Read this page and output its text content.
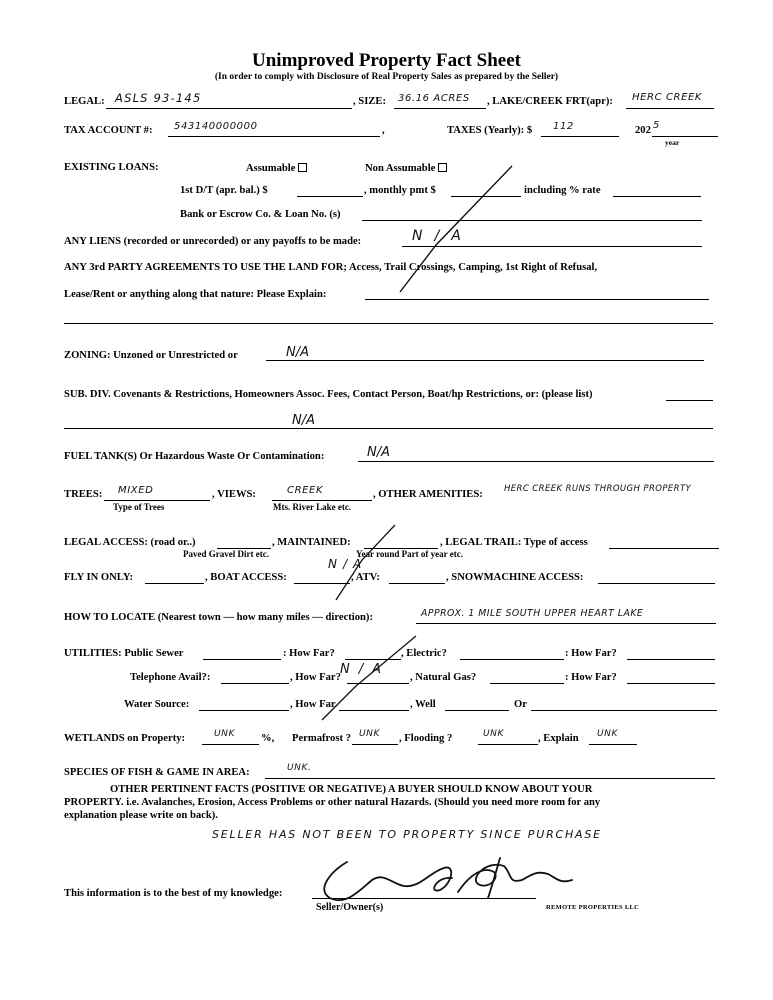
Unimproved Property Fact Sheet
(In order to comply with Disclosure of Real Property Sales as prepared by the Seller)
LEGAL: ASLS 93-145	, SIZE: 36.16 ACRES , LAKE/CREEK FRT(apr): HERC CREEK
TAX ACCOUNT #: 543140000000	,	TAXES (Yearly): $ 112	202 5
year
EXISTING LOANS:	Assumable	Non Assumable
1st D/T (apr. bal.) $	, monthly pmt $	including % rate
Bank or Escrow Co. & Loan No. (s)
ANY LIENS (recorded or unrecorded) or any payoffs to be made:	N/A
ANY 3rd PARTY AGREEMENTS TO USE THE LAND FOR; Access, Trail Crossings, Camping, 1st Right of Refusal,
Lease/Rent or anything along that nature: Please Explain:
ZONING: Unzoned or Unrestricted or	N/A
SUB. DIV. Covenants & Restrictions, Homeowners Assoc. Fees, Contact Person, Boat/hp Restrictions, or: (please list)
N/A
FUEL TANK(S) Or Hazardous Waste Or Contamination:	N/A
TREES: MIXED
Type of Trees
, VIEWS:	CREEK
Mts. River Lake etc.
, OTHER AMENITIES: HERC CREEK RUNS THROUGH PROPERTY
LEGAL ACCESS: (road or..)	, MAINTAINED:	, LEGAL TRAIL: Type of access
Paved Gravel Dirt etc.	Year round Part of year etc.
FLY IN ONLY:	, BOAT ACCESS:	, ATV:	, SNOWMACHINE ACCESS:
N/A
HOW TO LOCATE (Nearest town — how many miles — direction):	APPROX. 1 MILE SOUTH UPPER HEART LAKE
UTILITIES: Public Sewer	: How Far?	, Electric?	: How Far?
Telephone Avail?:	, How Far?	, Natural Gas?	: How Far?
N/A
Water Source:	, How Far	, Well	Or
WETLANDS on Property:	UNK %, Permafrost ? UNK , Flooding ?	UNK	, Explain UNK
SPECIES OF FISH & GAME IN AREA:	UNK.
OTHER PERTINENT FACTS (POSITIVE OR NEGATIVE) A BUYER SHOULD KNOW ABOUT YOUR
PROPERTY. i.e. Avalanches, Erosion, Access Problems or other natural Hazards. (Should you need more room for any
explanation please write on back).
SELLER HAS NOT BEEN TO PROPERTY SINCE PURCHASE
This information is to the best of my knowledge:
Seller/Owner(s)	REMOTE PROPERTIES LLC
